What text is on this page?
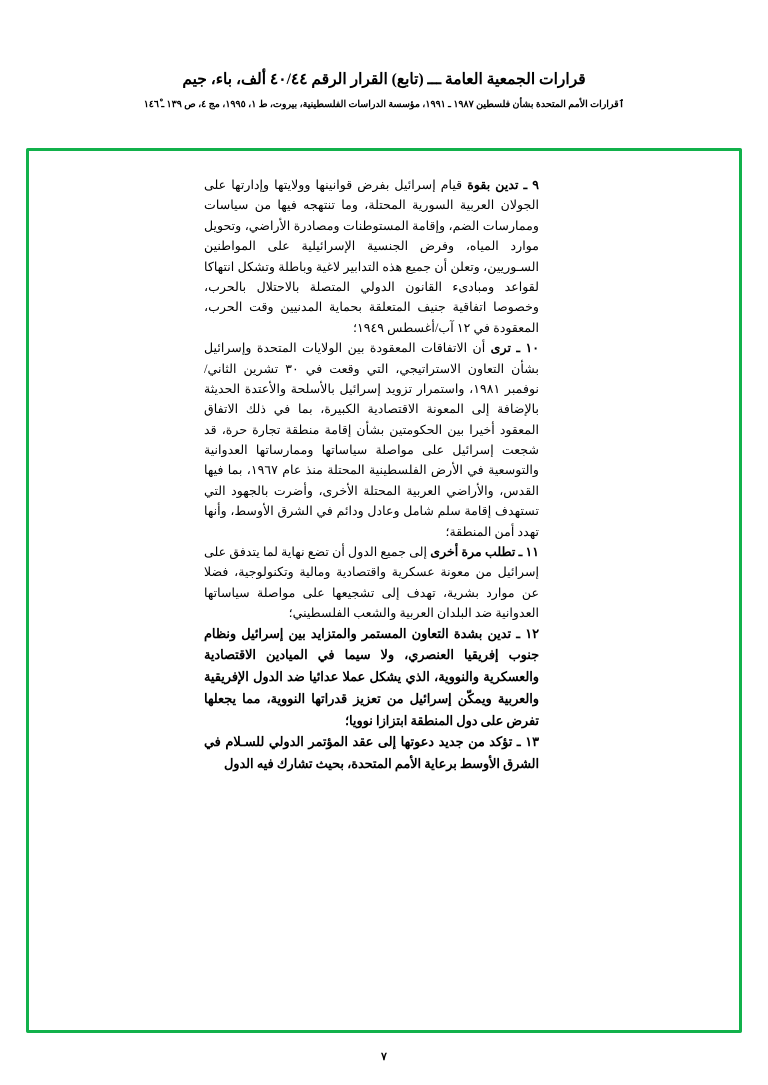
قرارات الجمعية العامة ـــ (تابع) القرار الرقم ٤٠/٤٤ ألف، باء، جيم
ٱقرارات الأمم المتحدة بشأن فلسطين ١٩٨٧ ـ ١٩٩١، مؤسسة الدراسات الفلسطينية، بيروت، ط ١، ١٩٩٥، مج ٤، ص ١٣٩ ـ ١٤٦ْ

٩ ـ تدين بقوة قيام إسرائيل بفرض قوانينها وولايتها وإدارتها على الجولان العربية السورية المحتلة، وما تنتهجه فيها من سياسات وممارسات الضم، وإقامة المستوطنات ومصادرة الأراضي، وتحويل موارد المياه، وفرض الجنسية الإسرائيلية على المواطنين السـوريين، وتعلن أن جميع هذه التدابير لاغية وباطلة وتشكل انتهاكا لقواعد ومبادىء القانون الدولي المتصلة بالاحتلال بالحرب، وخصوصا اتفاقية جنيف المتعلقة بحماية المدنيين وقت الحرب، المعقودة في ١٢ آب/أغسطس ١٩٤٩؛

١٠ ـ ترى أن الاتفاقات المعقودة بين الولايات المتحدة وإسرائيل بشأن التعاون الاستراتيجي، التي وقعت في ٣٠ تشرين الثاني/نوفمبر ١٩٨١، واستمرار تزويد إسرائيل بالأسلحة والأعتدة الحديثة بالإضافة إلى المعونة الاقتصادية الكبيرة، بما في ذلك الاتفاق المعقود أخيرا بين الحكومتين بشأن إقامة منطقة تجارة حرة، قد شجعت إسرائيل على مواصلة سياساتها وممارساتها العدوانية والتوسعية في الأرض الفلسطينية المحتلة منذ عام ١٩٦٧، بما فيها القدس، والأراضي العربية المحتلة الأخرى، وأضرت بالجهود التي تستهدف إقامة سلم شامل وعادل ودائم في الشرق الأوسط، وأنها تهدد أمن المنطقة؛

١١ ـ تطلب مرة أخرى إلى جميع الدول أن تضع نهاية لما يتدفق على إسرائيل من معونة عسكرية واقتصادية ومالية وتكنولوجية، فضلا عن موارد بشرية، تهدف إلى تشجيعها على مواصلة سياساتها العدوانية ضد البلدان العربية والشعب الفلسطيني؛

١٢ ـ تدين بشدة التعاون المستمر والمتزايد بين إسرائيل ونظام جنوب إفريقيا العنصري، ولا سيما في الميادين الاقتصادية والعسكرية والنووية، الذي يشكل عملا عدائيا ضد الدول الإفريقية والعربية ويمكّن إسرائيل من تعزيز قدراتها النووية، مما يجعلها تفرض على دول المنطقة ابتزازا نوويا؛

١٣ ـ تؤكد من جديد دعوتها إلى عقد المؤتمر الدولي للسـلام في الشرق الأوسط برعاية الأمم المتحدة، بحيث تشارك فيه الدول

٧
